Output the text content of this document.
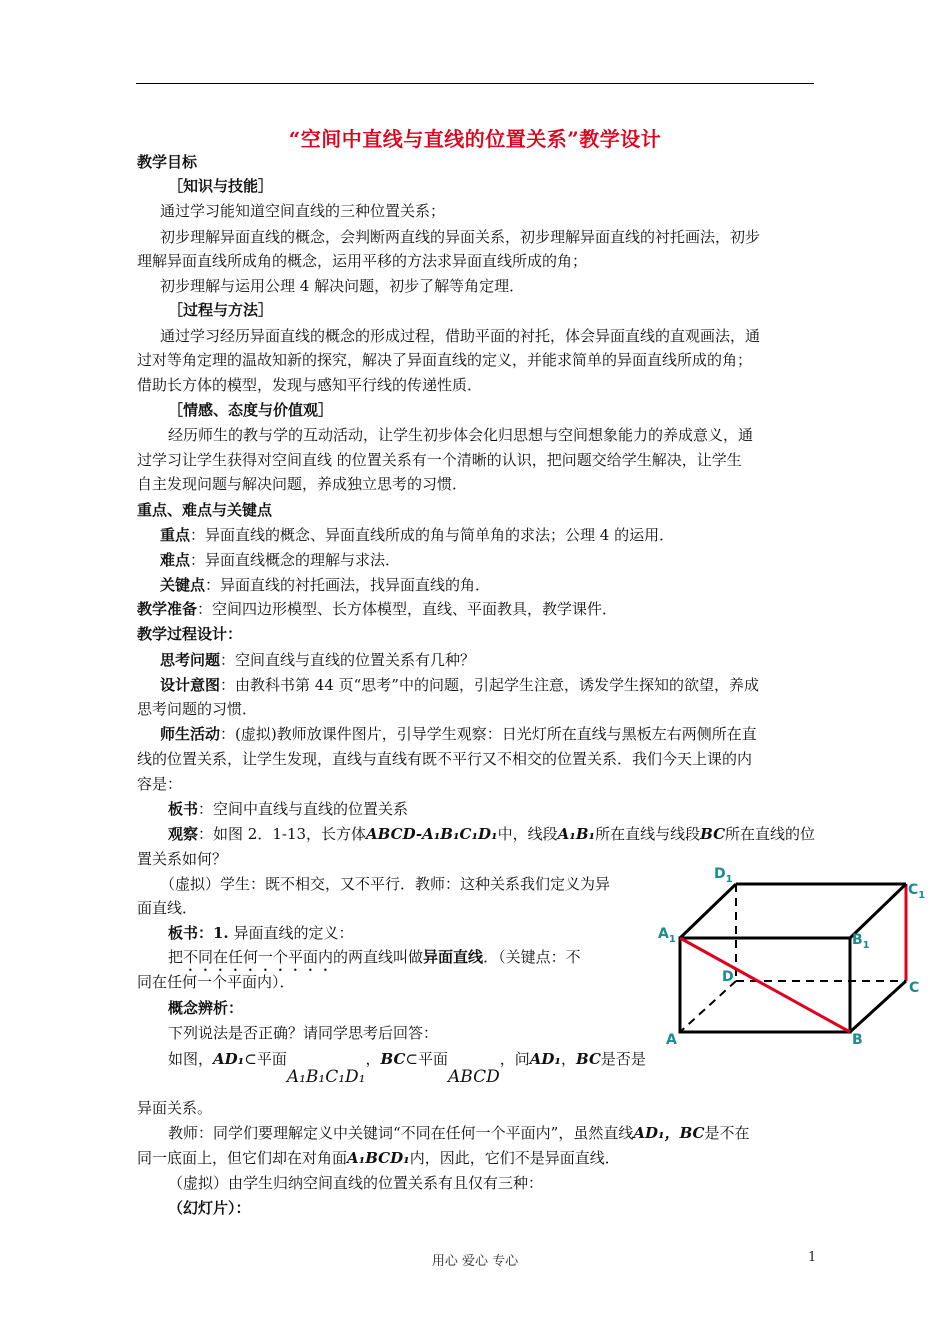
“空间中直线与直线的位置关系”教学设计
教学目标
［知识与技能］
通过学习能知道空间直线的三种位置关系；
初步理解异面直线的概念，会判断两直线的异面关系，初步理解异面直线的衬托画法，初步
理解异面直线所成角的概念，运用平移的方法求异面直线所成的角；
初步理解与运用公理 4 解决问题，初步了解等角定理．
［过程与方法］
通过学习经历异面直线的概念的形成过程，借助平面的衬托，体会异面直线的直观画法，通
过对等角定理的温故知新的探究，解决了异面直线的定义，并能求简单的异面直线所成的角；
借助长方体的模型，发现与感知平行线的传递性质．
［情感、态度与价值观］
经历师生的教与学的互动活动，让学生初步体会化归思想与空间想象能力的养成意义，通
过学习让学生获得对空间直线 的位置关系有一个清晰的认识，把问题交给学生解决，让学生
自主发现问题与解决问题，养成独立思考的习惯．
重点、难点与关键点
重点：异面直线的概念、异面直线所成的角与简单角的求法；公理 4 的运用．
难点：异面直线概念的理解与求法．
关键点：异面直线的衬托画法，找异面直线的角．
教学准备：空间四边形模型、长方体模型，直线、平面教具，教学课件．
教学过程设计：
思考问题：空间直线与直线的位置关系有几种？
设计意图：由教科书第 44 页“思考”中的问题，引起学生注意，诱发学生探知的欲望，养成
思考问题的习惯．
师生活动：(虚拟)教师放课件图片，引导学生观察：日光灯所在直线与黑板左右两侧所在直
线的位置关系，让学生发现，直线与直线有既不平行又不相交的位置关系．我们今天上课的内
容是：
板书：空间中直线与直线的位置关系
观察：如图 2．1-13，长方体ABCD-A₁B₁C₁D₁中，线段A₁B₁所在直线与线段BC所在直线的位
置关系如何？
（虚拟）学生：既不相交，又不平行．教师：这种关系我们定义为异
面直线．
板书：1. 异面直线的定义：
把不同在任何一个平面内的两直线叫做异面直线．（关键点：不
同在任何一个平面内）．
概念辨析：
下列说法是否正确？请同学思考后回答：
如图，AD₁⊂平面A₁B₁C₁D₁，BC⊂平面ABCD，问AD₁，BC是否是
异面关系。
教师：同学们要理解定义中关键词“不同在任何一个平面内”，虽然直线AD₁，BC是不在
同一底面上，但它们却在对角面A₁BCD₁内，因此，它们不是异面直线．
（虚拟）由学生归纳空间直线的位置关系有且仅有三种：
（幻灯片）：
$D_1$
$C_1$
$A_1$	$B_1$
D
C
A	B
用心 爱心 专心	1
